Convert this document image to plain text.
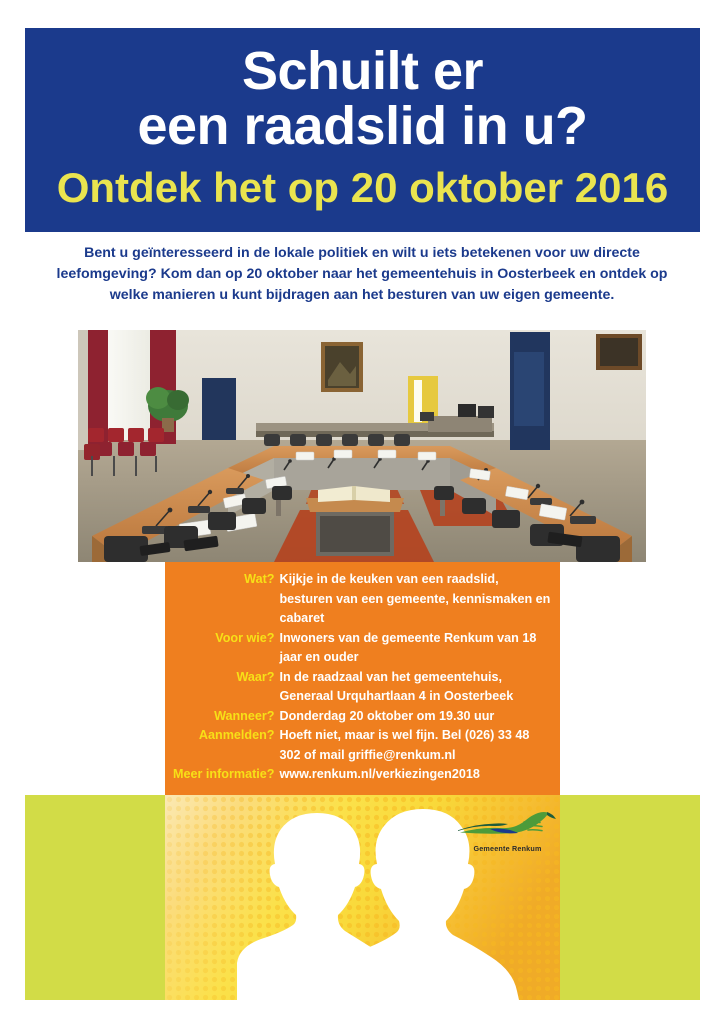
Schuilt er
een raadslid in u?
Ontdek het op 20 oktober 2016
Bent u geïnteresseerd in de lokale politiek en wilt u iets betekenen voor uw directe leefomgeving? Kom dan op 20 oktober naar het gemeentehuis in Oosterbeek en ontdek op welke manieren u kunt bijdragen aan het besturen van uw eigen gemeente.
Wat?	Kijkje in de keuken van een raadslid, besturen van een gemeente, kennismaken en cabaret
Voor wie?	Inwoners van de gemeente Renkum van 18 jaar en ouder
Waar?	In de raadzaal van het gemeentehuis, Generaal Urquhartlaan 4 in Oosterbeek
Wanneer?	Donderdag 20 oktober om 19.30 uur
Aanmelden?	Hoeft niet, maar is wel fijn. Bel (026) 33 48 302 of mail griffie@renkum.nl
Meer informatie?	www.renkum.nl/verkiezingen2018
Gemeente Renkum
